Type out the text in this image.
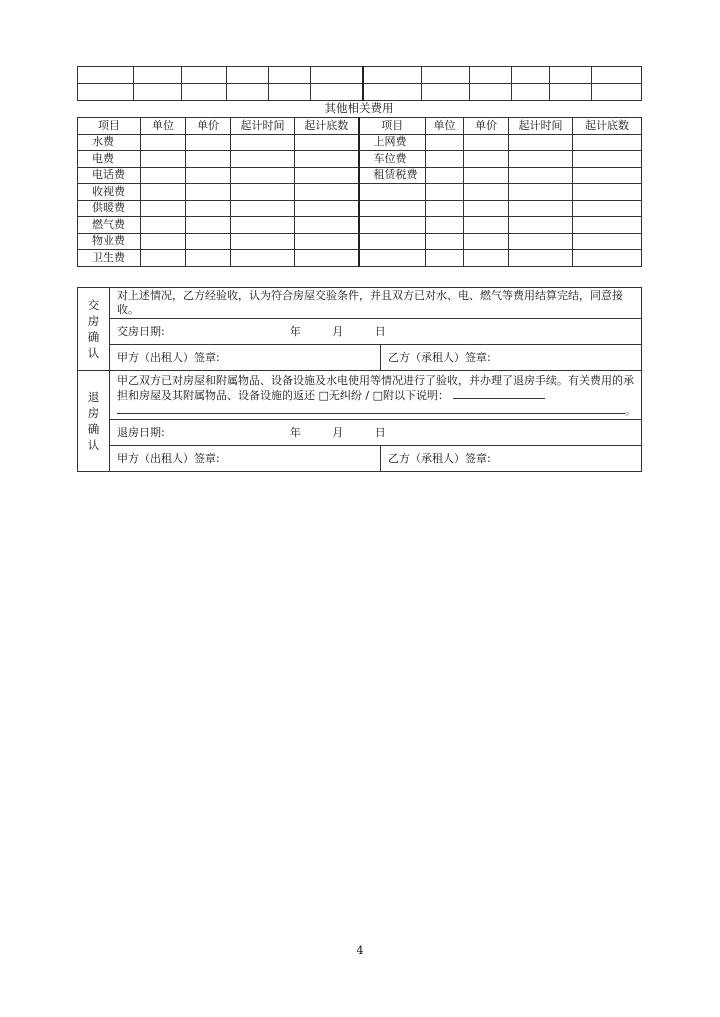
其他相关费用
项目	单位	单价	起计时间	起计底数	项目	单位	单价	起计时间	起计底数
水费					上网费				
电费					车位费				
电话费					租赁税费				
收视费									
供暖费									
燃气费									
物业费									
卫生费									
交
房
确
认	对上述情况，乙方经验收，认为符合房屋交验条件，并且双方已对水、电、燃气等费用结算完结，同意接收。	
	交房日期: 年 月 日	
	甲方（出租人）签章:	乙方（承租人）签章:
退
房
确
认	甲乙双方已对房屋和附属物品、设备设施及水电使用等情况进行了验收，并办理了退房手续。有关费用的承担和房屋及其附属物品、设备设施的返还 □无纠纷 / □附以下说明：
。	
	退房日期: 年 月 日	
	甲方（出租人）签章:	乙方（承租人）签章:
4
